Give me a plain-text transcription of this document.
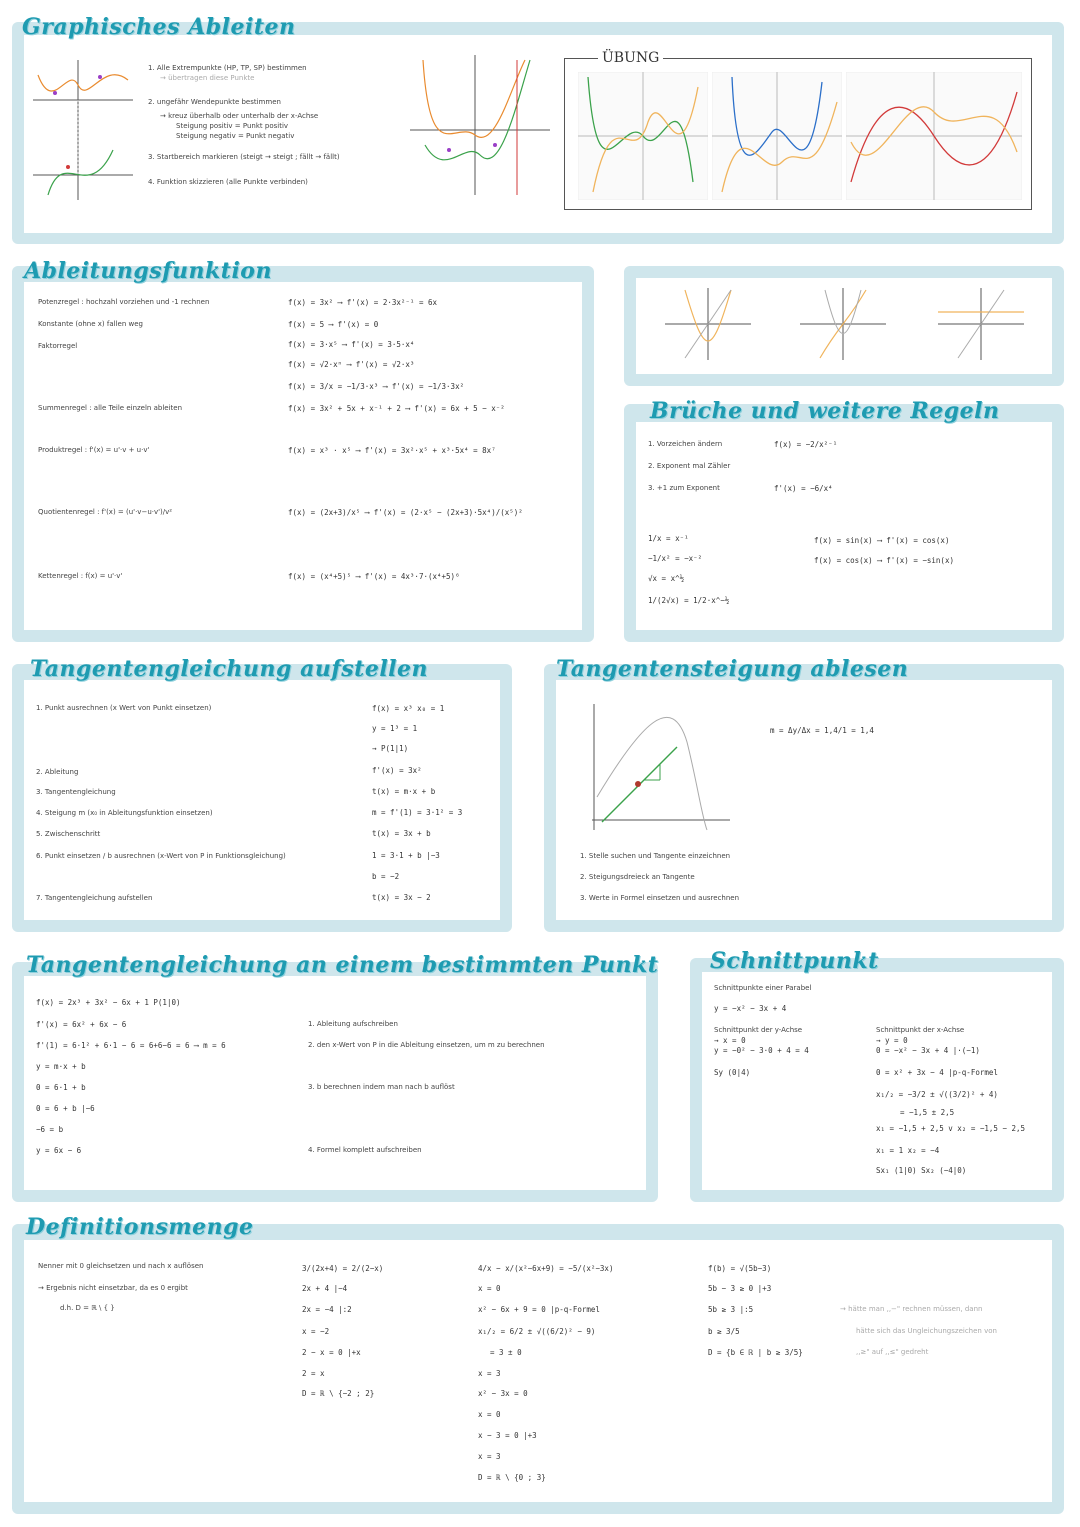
Graphisches Ableiten
1. Alle Extrempunkte (HP, TP, SP) bestimmen
→ übertragen diese Punkte
2. ungefähr Wendepunkte bestimmen
→ kreuz überhalb oder unterhalb der x-Achse
Steigung positiv = Punkt positiv
Steigung negativ = Punkt negativ
3. Startbereich markieren (steigt → steigt ; fällt → fällt)
4. Funktion skizzieren (alle Punkte verbinden)
ÜBUNG
Ableitungsfunktion
Potenzregel : hochzahl vorziehen und -1 rechnen
Konstante (ohne x) fallen weg
Faktorregel
Summenregel : alle Teile einzeln ableiten
Produktregel : f'(x) = u'·v + u·v'
Quotientenregel : f'(x) = (u'·v−u·v')/v²
Kettenregel : f(x) = u'·v'
f(x) = 3x² ⟶ f'(x) = 2·3x²⁻¹ = 6x
f(x) = 5 ⟶ f'(x) = 0
f(x) = 3·x⁵ ⟶ f'(x) = 3·5·x⁴
f(x) = √2·xⁿ ⟶ f'(x) = √2·x³
f(x) = 3/x = −1/3·x³ ⟶ f'(x) = −1/3·3x²
f(x) = 3x² + 5x + x⁻¹ + 2 ⟶ f'(x) = 6x + 5 − x⁻²
f(x) = x³ · x⁵ ⟶ f'(x) = 3x²·x⁵ + x³·5x⁴ = 8x⁷
f(x) = (2x+3)/x⁵ ⟶ f'(x) = (2·x⁵ − (2x+3)·5x⁴)/(x⁵)²
f(x) = (x⁴+5)⁵ ⟶ f'(x) = 4x³·7·(x⁴+5)⁶
Brüche und weitere Regeln
1. Vorzeichen ändern
2. Exponent mal Zähler
3. +1 zum Exponent
f(x) = −2/x²⁻¹
f'(x) = −6/x⁴
1/x = x⁻¹
−1/x² = −x⁻²
√x = x^½
1/(2√x) = 1/2·x^−½
f(x) = sin(x) ⟶ f'(x) = cos(x)
f(x) = cos(x) ⟶ f'(x) = −sin(x)
Tangentengleichung aufstellen
1. Punkt ausrechnen (x Wert von Punkt einsetzen)
2. Ableitung
3. Tangentengleichung
4. Steigung m (x₀ in Ableitungsfunktion einsetzen)
5. Zwischenschritt
6. Punkt einsetzen / b ausrechnen (x-Wert von P in Funktionsgleichung)
7. Tangentengleichung aufstellen
f(x) = x³ x₀ = 1
y = 1³ = 1
→ P(1|1)
f'(x) = 3x²
t(x) = m·x + b
m = f'(1) = 3·1² = 3
t(x) = 3x + b
1 = 3·1 + b |−3
b = −2
t(x) = 3x − 2
Tangentensteigung ablesen
m = Δy/Δx = 1,4/1 = 1,4
1. Stelle suchen und Tangente einzeichnen
2. Steigungsdreieck an Tangente
3. Werte in Formel einsetzen und ausrechnen
Tangentengleichung an einem bestimmten Punkt
f(x) = 2x³ + 3x² − 6x + 1 P(1|0)
f'(x) = 6x² + 6x − 6
f'(1) = 6·1² + 6·1 − 6 = 6+6−6 = 6 ⟶ m = 6
y = m·x + b
0 = 6·1 + b
0 = 6 + b |−6
−6 = b
y = 6x − 6
1. Ableitung aufschreiben
2. den x-Wert von P in die Ableitung einsetzen, um m zu berechnen
3. b berechnen indem man nach b auflöst
4. Formel komplett aufschreiben
Schnittpunkt
Schnittpunkte einer Parabel
y = −x² − 3x + 4
Schnittpunkt der y-Achse
→ x = 0
y = −0² − 3·0 + 4 = 4
Sy (0|4)
Schnittpunkt der x-Achse
→ y = 0
0 = −x² − 3x + 4 |·(−1)
0 = x² + 3x − 4 |p-q-Formel
x₁/₂ = −3/2 ± √((3/2)² + 4)
= −1,5 ± 2,5
x₁ = −1,5 + 2,5 v x₂ = −1,5 − 2,5
x₁ = 1 x₂ = −4
Sx₁ (1|0) Sx₂ (−4|0)
Definitionsmenge
Nenner mit 0 gleichsetzen und nach x auflösen
→ Ergebnis nicht einsetzbar, da es 0 ergibt
d.h. D = ℝ \ { }
3/(2x+4) = 2/(2−x)
2x + 4 |−4
2x = −4 |:2
x = −2
2 − x = 0 |+x
2 = x
D = ℝ \ {−2 ; 2}
4/x − x/(x²−6x+9) = −5/(x²−3x)
x = 0
x² − 6x + 9 = 0 |p-q-Formel
x₁/₂ = 6/2 ± √((6/2)² − 9)
= 3 ± 0
x = 3
x² − 3x = 0
x = 0
x − 3 = 0 |+3
x = 3
D = ℝ \ {0 ; 3}
f(b) = √(5b−3)
5b − 3 ≥ 0 |+3
5b ≥ 3 |:5
b ≥ 3/5
D = {b ∈ ℝ | b ≥ 3/5}
→ hätte man ,,−" rechnen müssen, dann
hätte sich das Ungleichungszeichen von
,,≥" auf ,,≤" gedreht
